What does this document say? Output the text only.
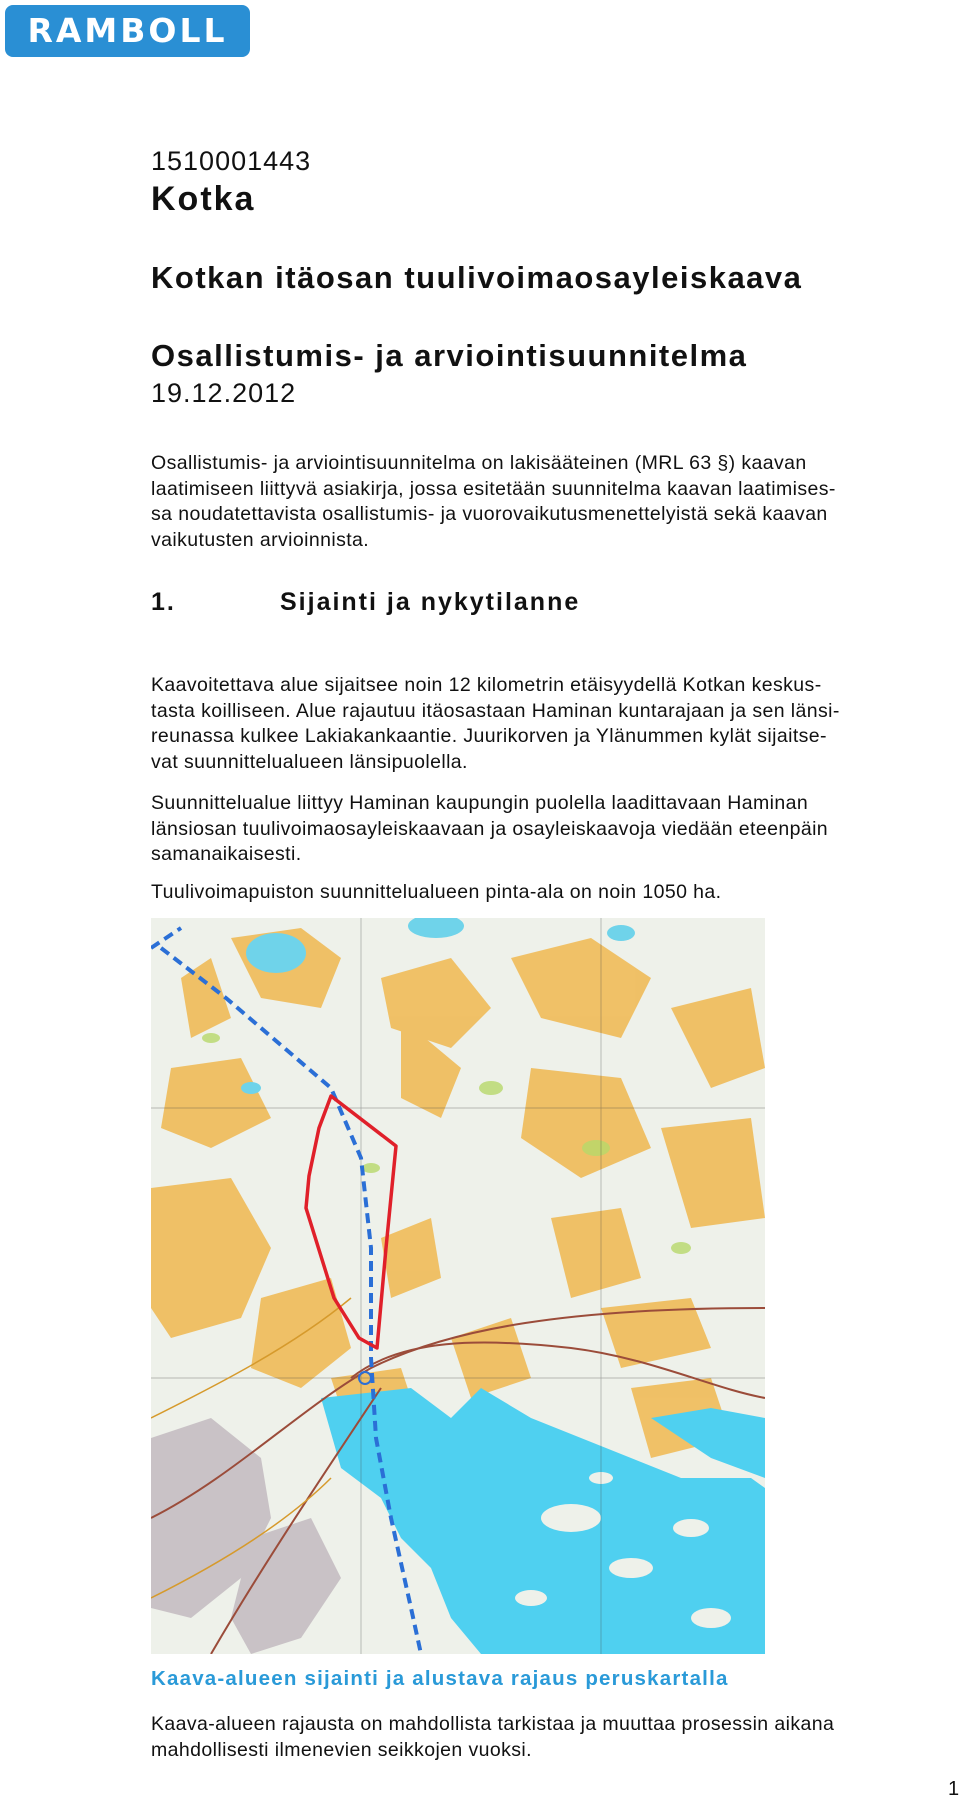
RAMBOLL
1510001443
Kotka
Kotkan itäosan tuulivoimaosayleiskaava
Osallistumis- ja arviointisuunnitelma
19.12.2012
Osallistumis- ja arviointisuunnitelma on lakisääteinen (MRL 63 §) kaavan
laatimiseen liittyvä asiakirja, jossa esitetään suunnitelma kaavan laatimises-
sa noudatettavista osallistumis- ja vuorovaikutusmenettelyistä sekä kaavan
vaikutusten arvioinnista.
1.	Sijainti ja nykytilanne
Kaavoitettava alue sijaitsee noin 12 kilometrin etäisyydellä Kotkan keskus-
tasta koilliseen. Alue rajautuu itäosastaan Haminan kuntarajaan ja sen länsi-
reunassa kulkee Lakiakankaantie. Juurikorven ja Ylänummen kylät sijaitse-
vat suunnittelualueen länsipuolella.
Suunnittelualue liittyy Haminan kaupungin puolella laadittavaan Haminan
länsiosan tuulivoimaosayleiskaavaan ja osayleiskaavoja viedään eteenpäin
samanaikaisesti.
Tuulivoimapuiston suunnittelualueen pinta-ala on noin 1050 ha.
Kaava-alueen sijainti ja alustava rajaus peruskartalla
Kaava-alueen rajausta on mahdollista tarkistaa ja muuttaa prosessin aikana
mahdollisesti ilmenevien seikkojen vuoksi.
1
